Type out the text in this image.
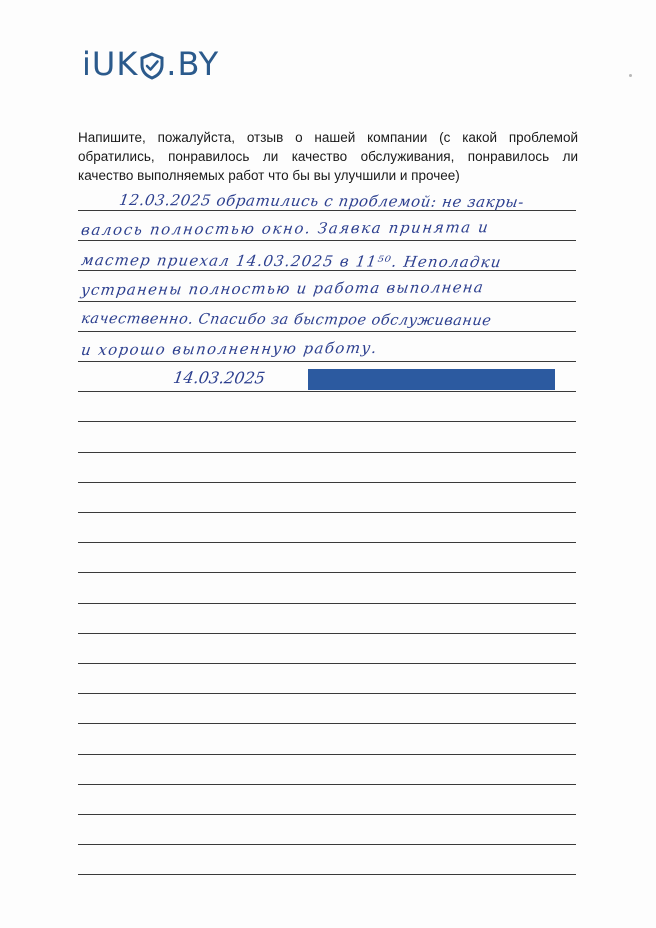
iUK .BY
Напишите, пожалуйста, отзыв о нашей компании (с какой проблемой обратились, понравилось ли качество обслуживания, понравилось ли качество выполняемых работ что бы вы улучшили и прочее)
12.03.2025 обратились с проблемой: не закры-
валось полностью окно. Заявка принята и
мастер приехал 14.03.2025 в 11⁵⁰. Неполадки
устранены полностью и работа выполнена
качественно. Спасибо за быстрое обслуживание
и хорошо выполненную работу.
14.03.2025
